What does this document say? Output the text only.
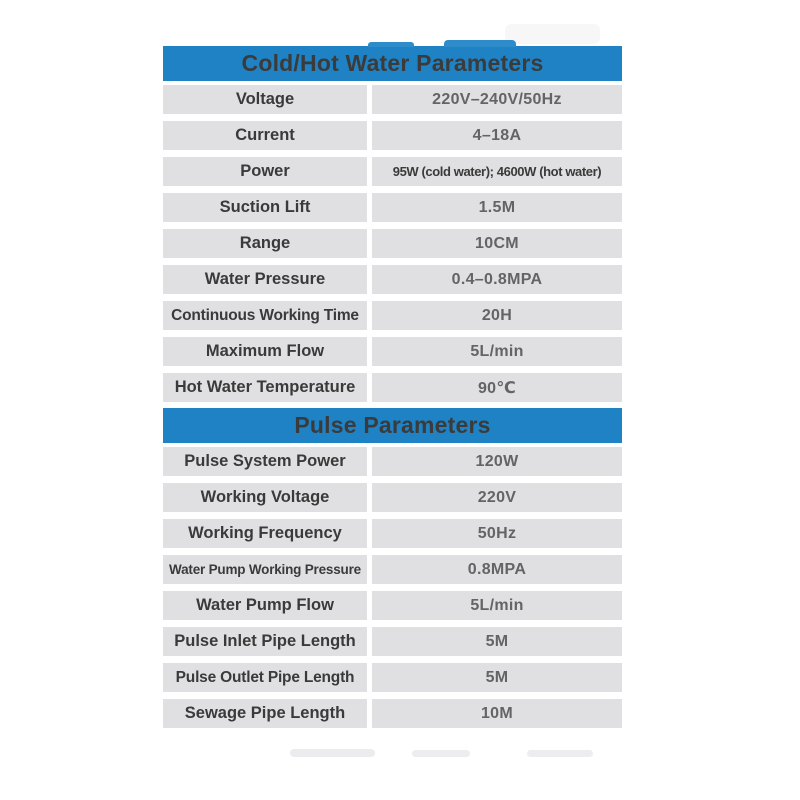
Cold/Hot Water Parameters
Voltage	220V–240V/50Hz
Current	4–18A
Power	95W (cold water); 4600W (hot water)
Suction Lift	1.5M
Range	10CM
Water Pressure	0.4–0.8MPA
Continuous Working Time	20H
Maximum Flow	5L/min
Hot Water Temperature	90℃
Pulse Parameters
Pulse System Power	120W
Working Voltage	220V
Working Frequency	50Hz
Water Pump Working Pressure	0.8MPA
Water Pump Flow	5L/min
Pulse Inlet Pipe Length	5M
Pulse Outlet Pipe Length	5M
Sewage Pipe Length	10M
